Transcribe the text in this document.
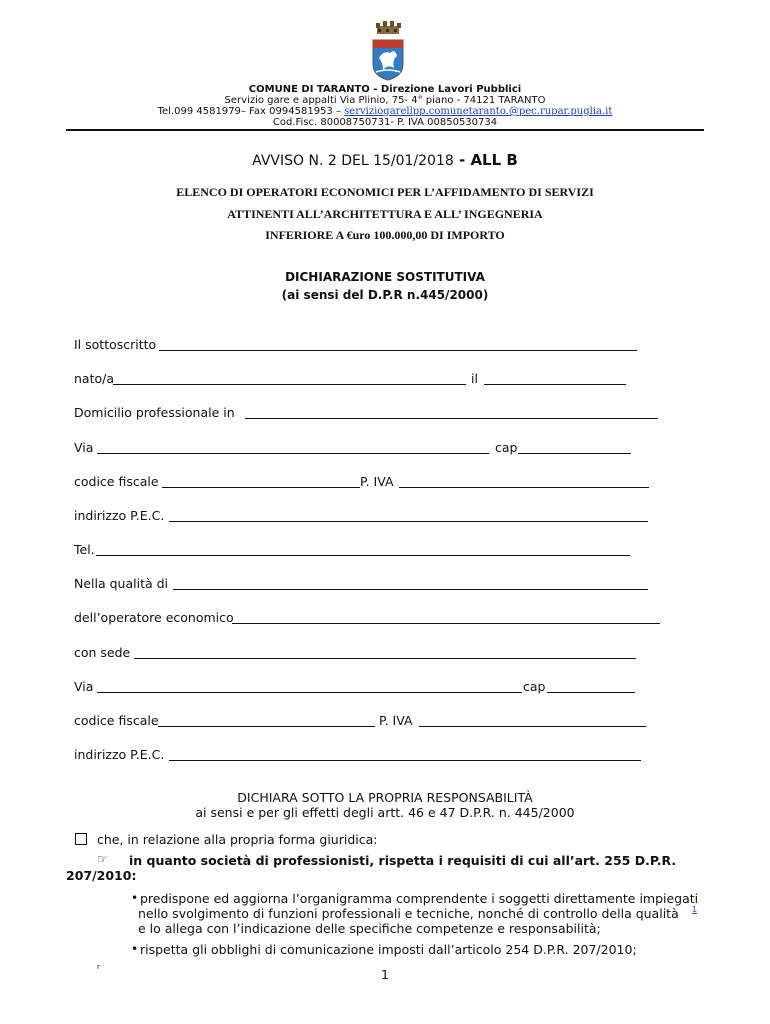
COMUNE DI TARANTO - Direzione Lavori Pubblici
Servizio gare e appalti Via Plinio, 75- 4° piano - 74121 TARANTO
Tel.099 4581979– Fax 0994581953 – serviziogarellpp.comunetaranto.@pec.rupar.puglia.it
Cod.Fisc. 80008750731- P. IVA 00850530734
AVVISO N. 2 DEL 15/01/2018 - ALL B
ELENCO DI OPERATORI ECONOMICI PER L’AFFIDAMENTO DI SERVIZI
ATTINENTI ALL’ARCHITETTURA E ALL’ INGEGNERIA
INFERIORE A €uro 100.000,00 DI IMPORTO
DICHIARAZIONE SOSTITUTIVA
(ai sensi del D.P.R n.445/2000)
Il sottoscritto
nato/a	il
Domicilio professionale in
Via	cap
codice fiscale	P. IVA
indirizzo P.E.C.
Tel.
Nella qualità di
dell’operatore economico
con sede
Via	cap
codice fiscale	P. IVA
indirizzo P.E.C.
DICHIARA SOTTO LA PROPRIA RESPONSABILITÀ
ai sensi e per gli effetti degli artt. 46 e 47 D.P.R. n. 445/2000
che, in relazione alla propria forma giuridica:
☞ in quanto società di professionisti, rispetta i requisiti di cui all’art. 255 D.P.R.
207/2010:
• predispone ed aggiorna l’organigramma comprendente i soggetti direttamente impiegati
nello svolgimento di funzioni professionali e tecniche, nonché di controllo della qualità 1
e lo allega con l’indicazione delle specifiche competenze e responsabilità;
• rispetta gli obblighi di comunicazione imposti dall’articolo 254 D.P.R. 207/2010;
r	1
